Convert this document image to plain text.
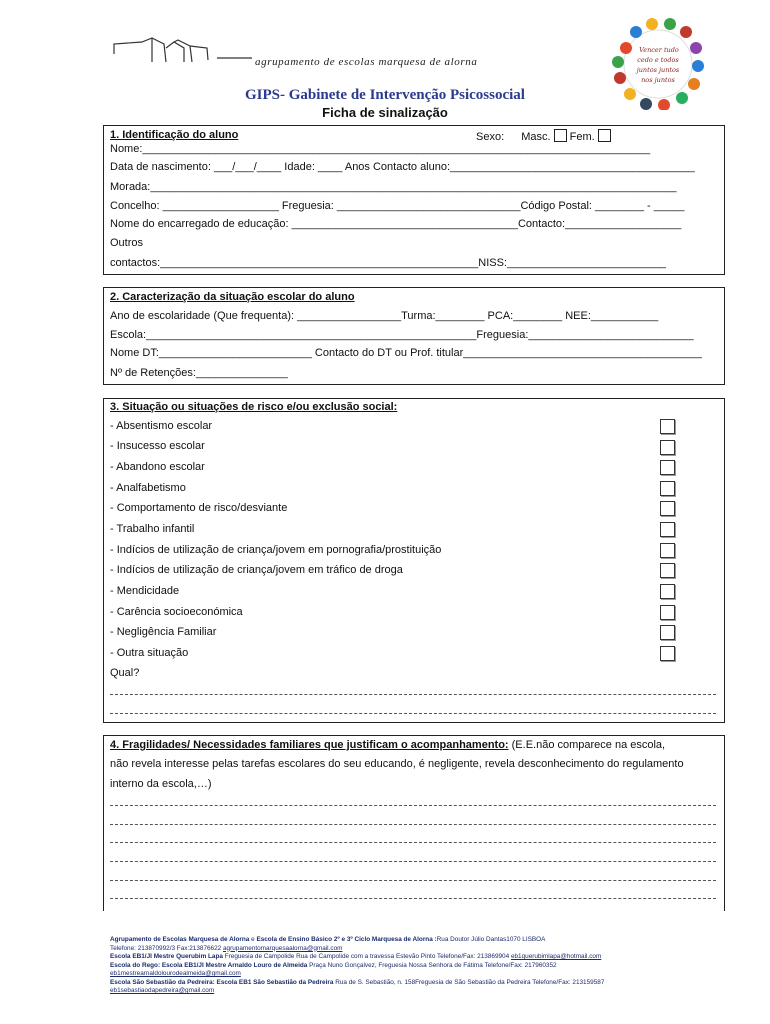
agrupamento de escolas marquesa de alorna
Vencer tudo
cedo e todos
juntos juntos
nos juntos
GIPS- Gabinete de Intervenção Psicossocial
Ficha de sinalização
1. Identificação do aluno	Sexo: Masc. Fem.
Nome:___________________________________________________________________________________
Data de nascimento: ___/___/____ Idade: ____ Anos Contacto aluno:________________________________________
Morada:______________________________________________________________________________________
Concelho: ___________________ Freguesia: ______________________________Código Postal: ________ - _____
Nome do encarregado de educação: _____________________________________Contacto:___________________
Outros
contactos:____________________________________________________NISS:__________________________
2. Caracterização da situação escolar do aluno
Ano de escolaridade (Que frequenta): _________________Turma:________ PCA:________ NEE:___________
Escola:______________________________________________________Freguesia:___________________________
Nome DT:_________________________ Contacto do DT ou Prof. titular_______________________________________
Nº de Retenções:_______________
3. Situação ou situações de risco e/ou exclusão social:
- Absentismo escolar
- Insucesso escolar
- Abandono escolar
- Analfabetismo
- Comportamento de risco/desviante
- Trabalho infantil
- Indícios de utilização de criança/jovem em pornografia/prostituição
- Indícios de utilização de criança/jovem em tráfico de droga
- Mendicidade
- Carência socioeconómica
- Negligência Familiar
- Outra situação
Qual?
4. Fragilidades/ Necessidades familiares que justificam o acompanhamento: (E.E.não comparece na escola,
não revela interesse pelas tarefas escolares do seu educando, é negligente, revela desconhecimento do regulamento
interno da escola,…)
Agrupamento de Escolas Marquesa de Alorna e Escola de Ensino Básico 2º e 3º Ciclo Marquesa de Alorna :Rua Doutor Júlio Dantas1070 LISBOA
Telefone: 213870992/3 Fax:213876622 agrupamentomarquesaalorna@gmail.com
Escola EB1/JI Mestre Querubim Lapa Freguesia de Campolide Rua de Campolide com a travessa Estevão Pinto Telefone/Fax: 213869904 eb1querubimlapa@hotmail.com
Escola do Rego: Escola EB1/JI Mestre Arnaldo Louro de Almeida Praça Nuno Gonçalvez, Freguesia Nossa Senhora de Fátima Telefone/Fax: 217960352
eb1mestrearnaldolourodealmeida@gmail.com
Escola São Sebastião da Pedreira: Escola EB1 São Sebastião da Pedreira Rua de S. Sebastião, n. 158Freguesia de São Sebastião da Pedreira Telefone/Fax: 213159587
eb1sebastiaodapedreira@gmail.com
